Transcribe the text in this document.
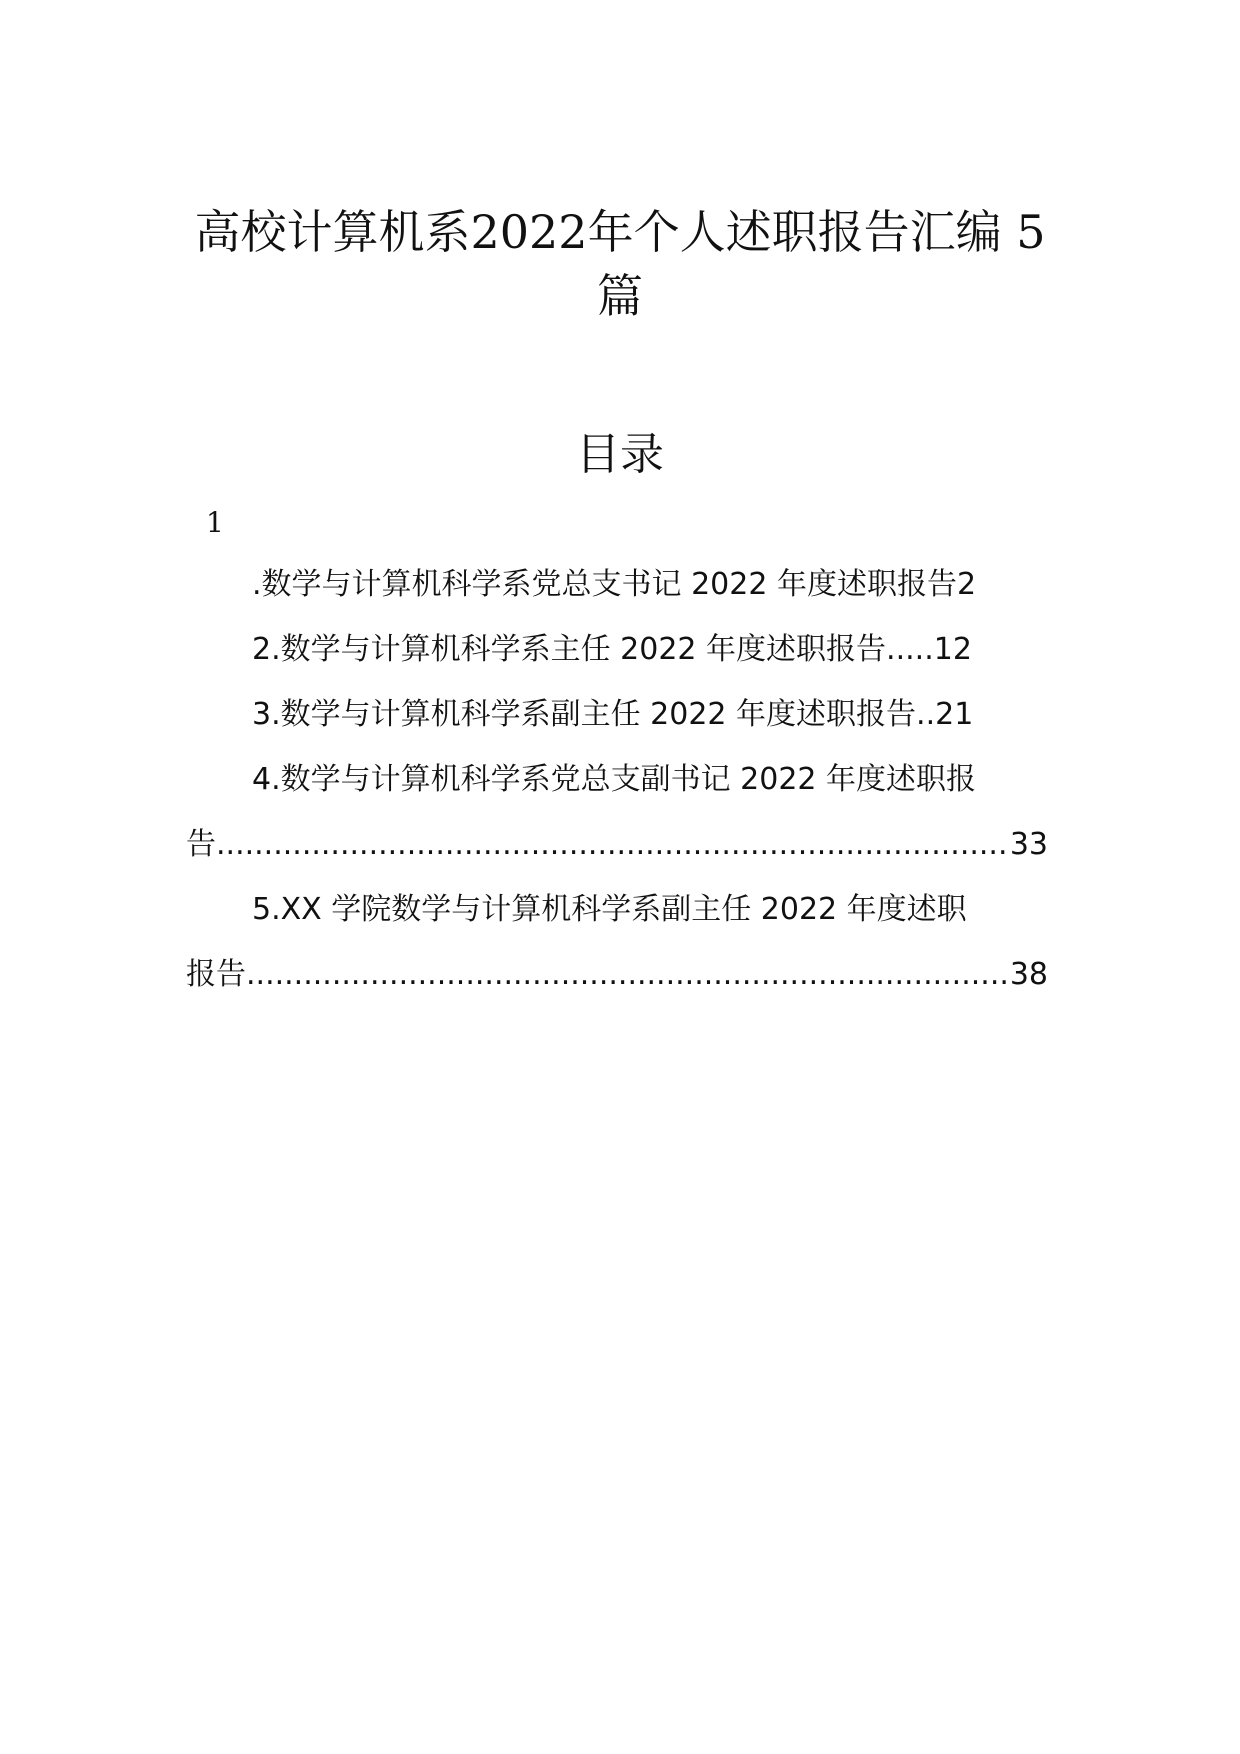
高校计算机系2022年个人述职报告汇编 5
篇
目录
1
.数学与计算机科学系党总支书记 2022 年度述职报告2
2.数学与计算机科学系主任 2022 年度述职报告.....12
3.数学与计算机科学系副主任 2022 年度述职报告..21
4.数学与计算机科学系党总支副书记 2022 年度述职报
告 .....	33
5.XX 学院数学与计算机科学系副主任 2022 年度述职
报告 .....	38
